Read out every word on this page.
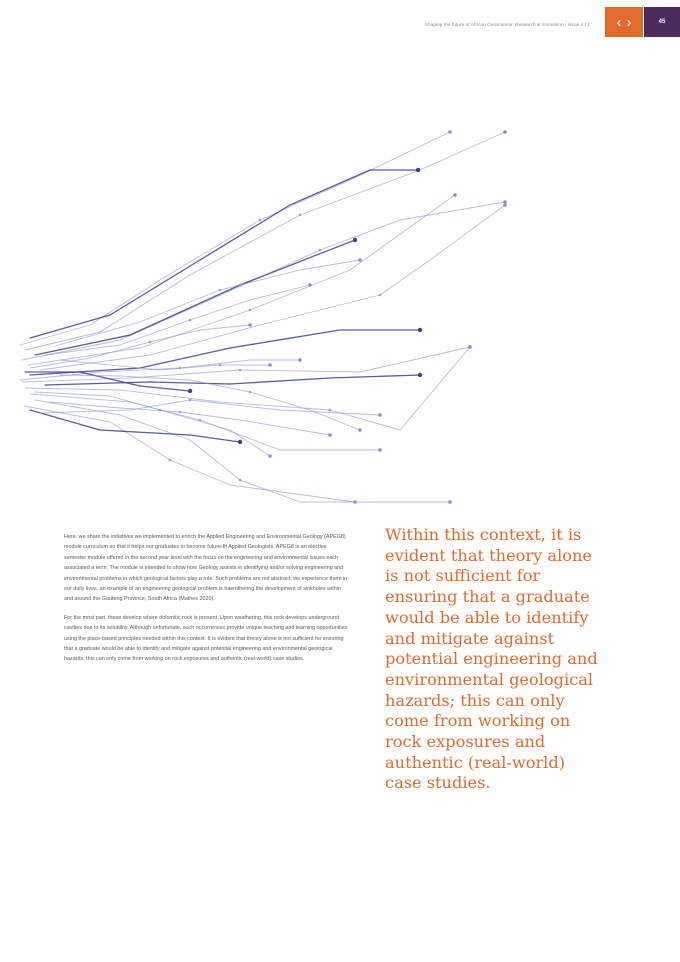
Shaping the future of African Geoscience: Research & Innovation | Issue 4 | 1 ‹ ›	45

Here, we share the initiatives we implemented to enrich the Applied Engineering and Environmental Geology (APEG8) module curriculum so that it helps our graduates to become future-fit Applied Geologists. APEG8 is an elective semester module offered in the second year level with the focus on the engineering and environmental issues each associated a term. The module is intended to show how Geology assists in identifying and/or solving engineering and environmental problems in which geological factors play a role. Such problems are not abstract; we experience them in our daily lives, an example of an engineering geological problem is haemthering the development of sinkholes within and around the Gauteng Province, South Africa (Mathes 2020).

For the most part, these develop where dolomitic rock is present. Upon weathering, this rock develops underground cavities due to its solubility. Although unfortunate, such occurrences provide unique teaching and learning opportunities using the place-based principles needed within this context. It is evident that theory alone is not sufficient for ensuring that a graduate would be able to identify and mitigate against potential engineering and environmental geological hazards; this can only come from working on rock exposures and authentic (real-world) case studies.

Within this context, it is evident that theory alone is not sufficient for ensuring that a graduate would be able to identify and mitigate against potential engineering and environmental geological hazards; this can only come from working on rock exposures and authentic (real-world) case studies.
